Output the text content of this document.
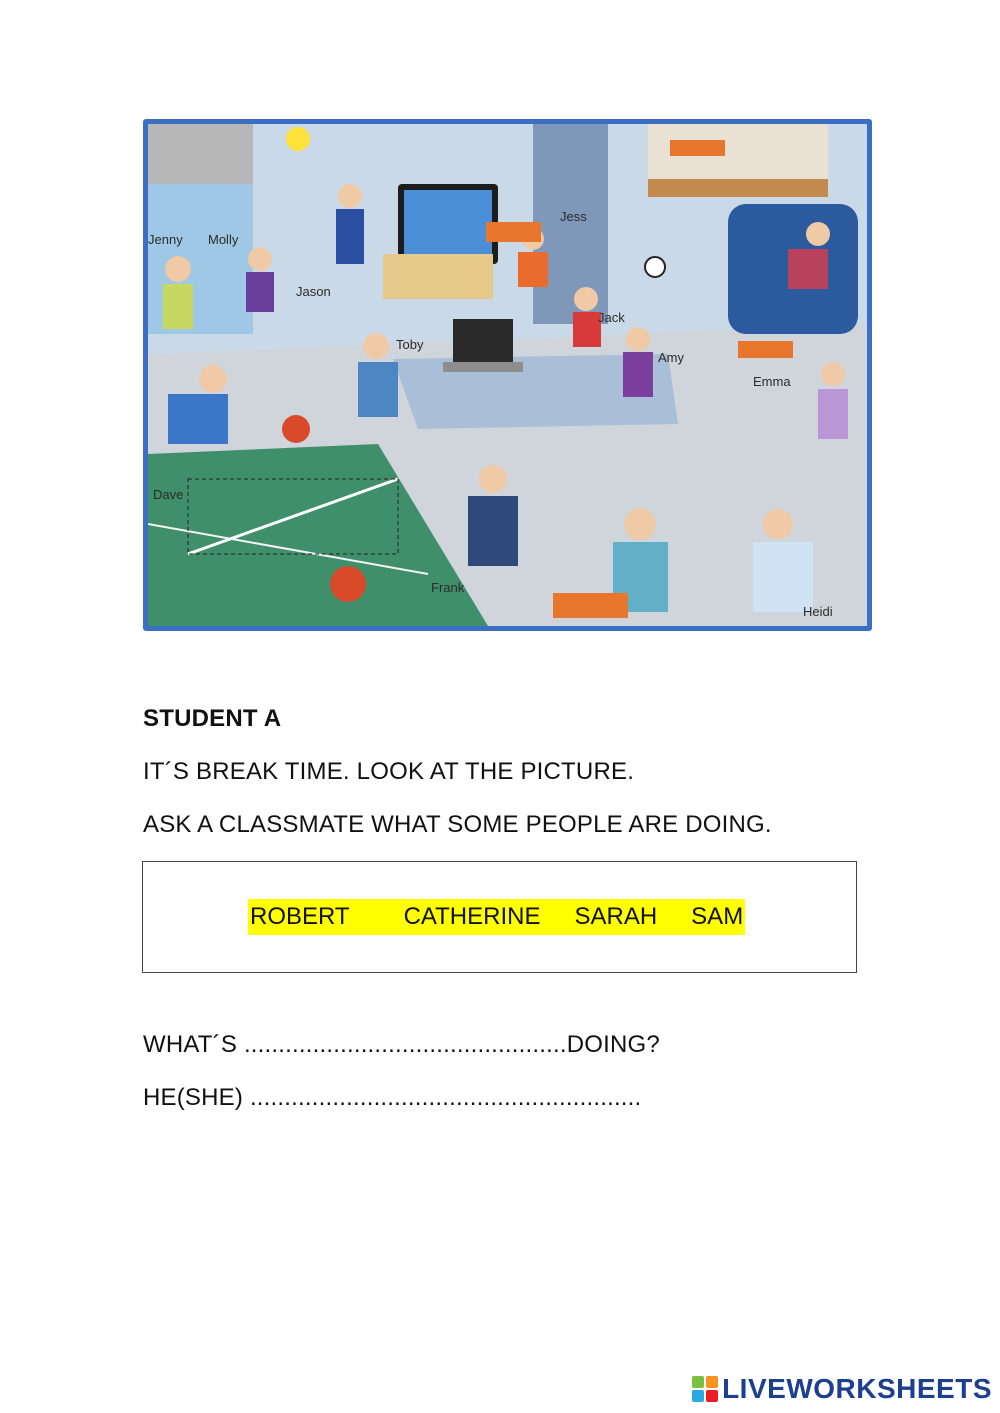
Jenny Molly
Jason
Jess
Toby
Jack
Amy
Emma
Dave
Frank
Heidi
STUDENT A
IT´S BREAK TIME. LOOK AT THE PICTURE.
ASK A CLASSMATE WHAT SOME PEOPLE ARE DOING.
ROBERT CATHERINE SARAH SAM
WHAT´S ...............................................DOING?
HE(SHE) .........................................................
LIVEWORKSHEETS
